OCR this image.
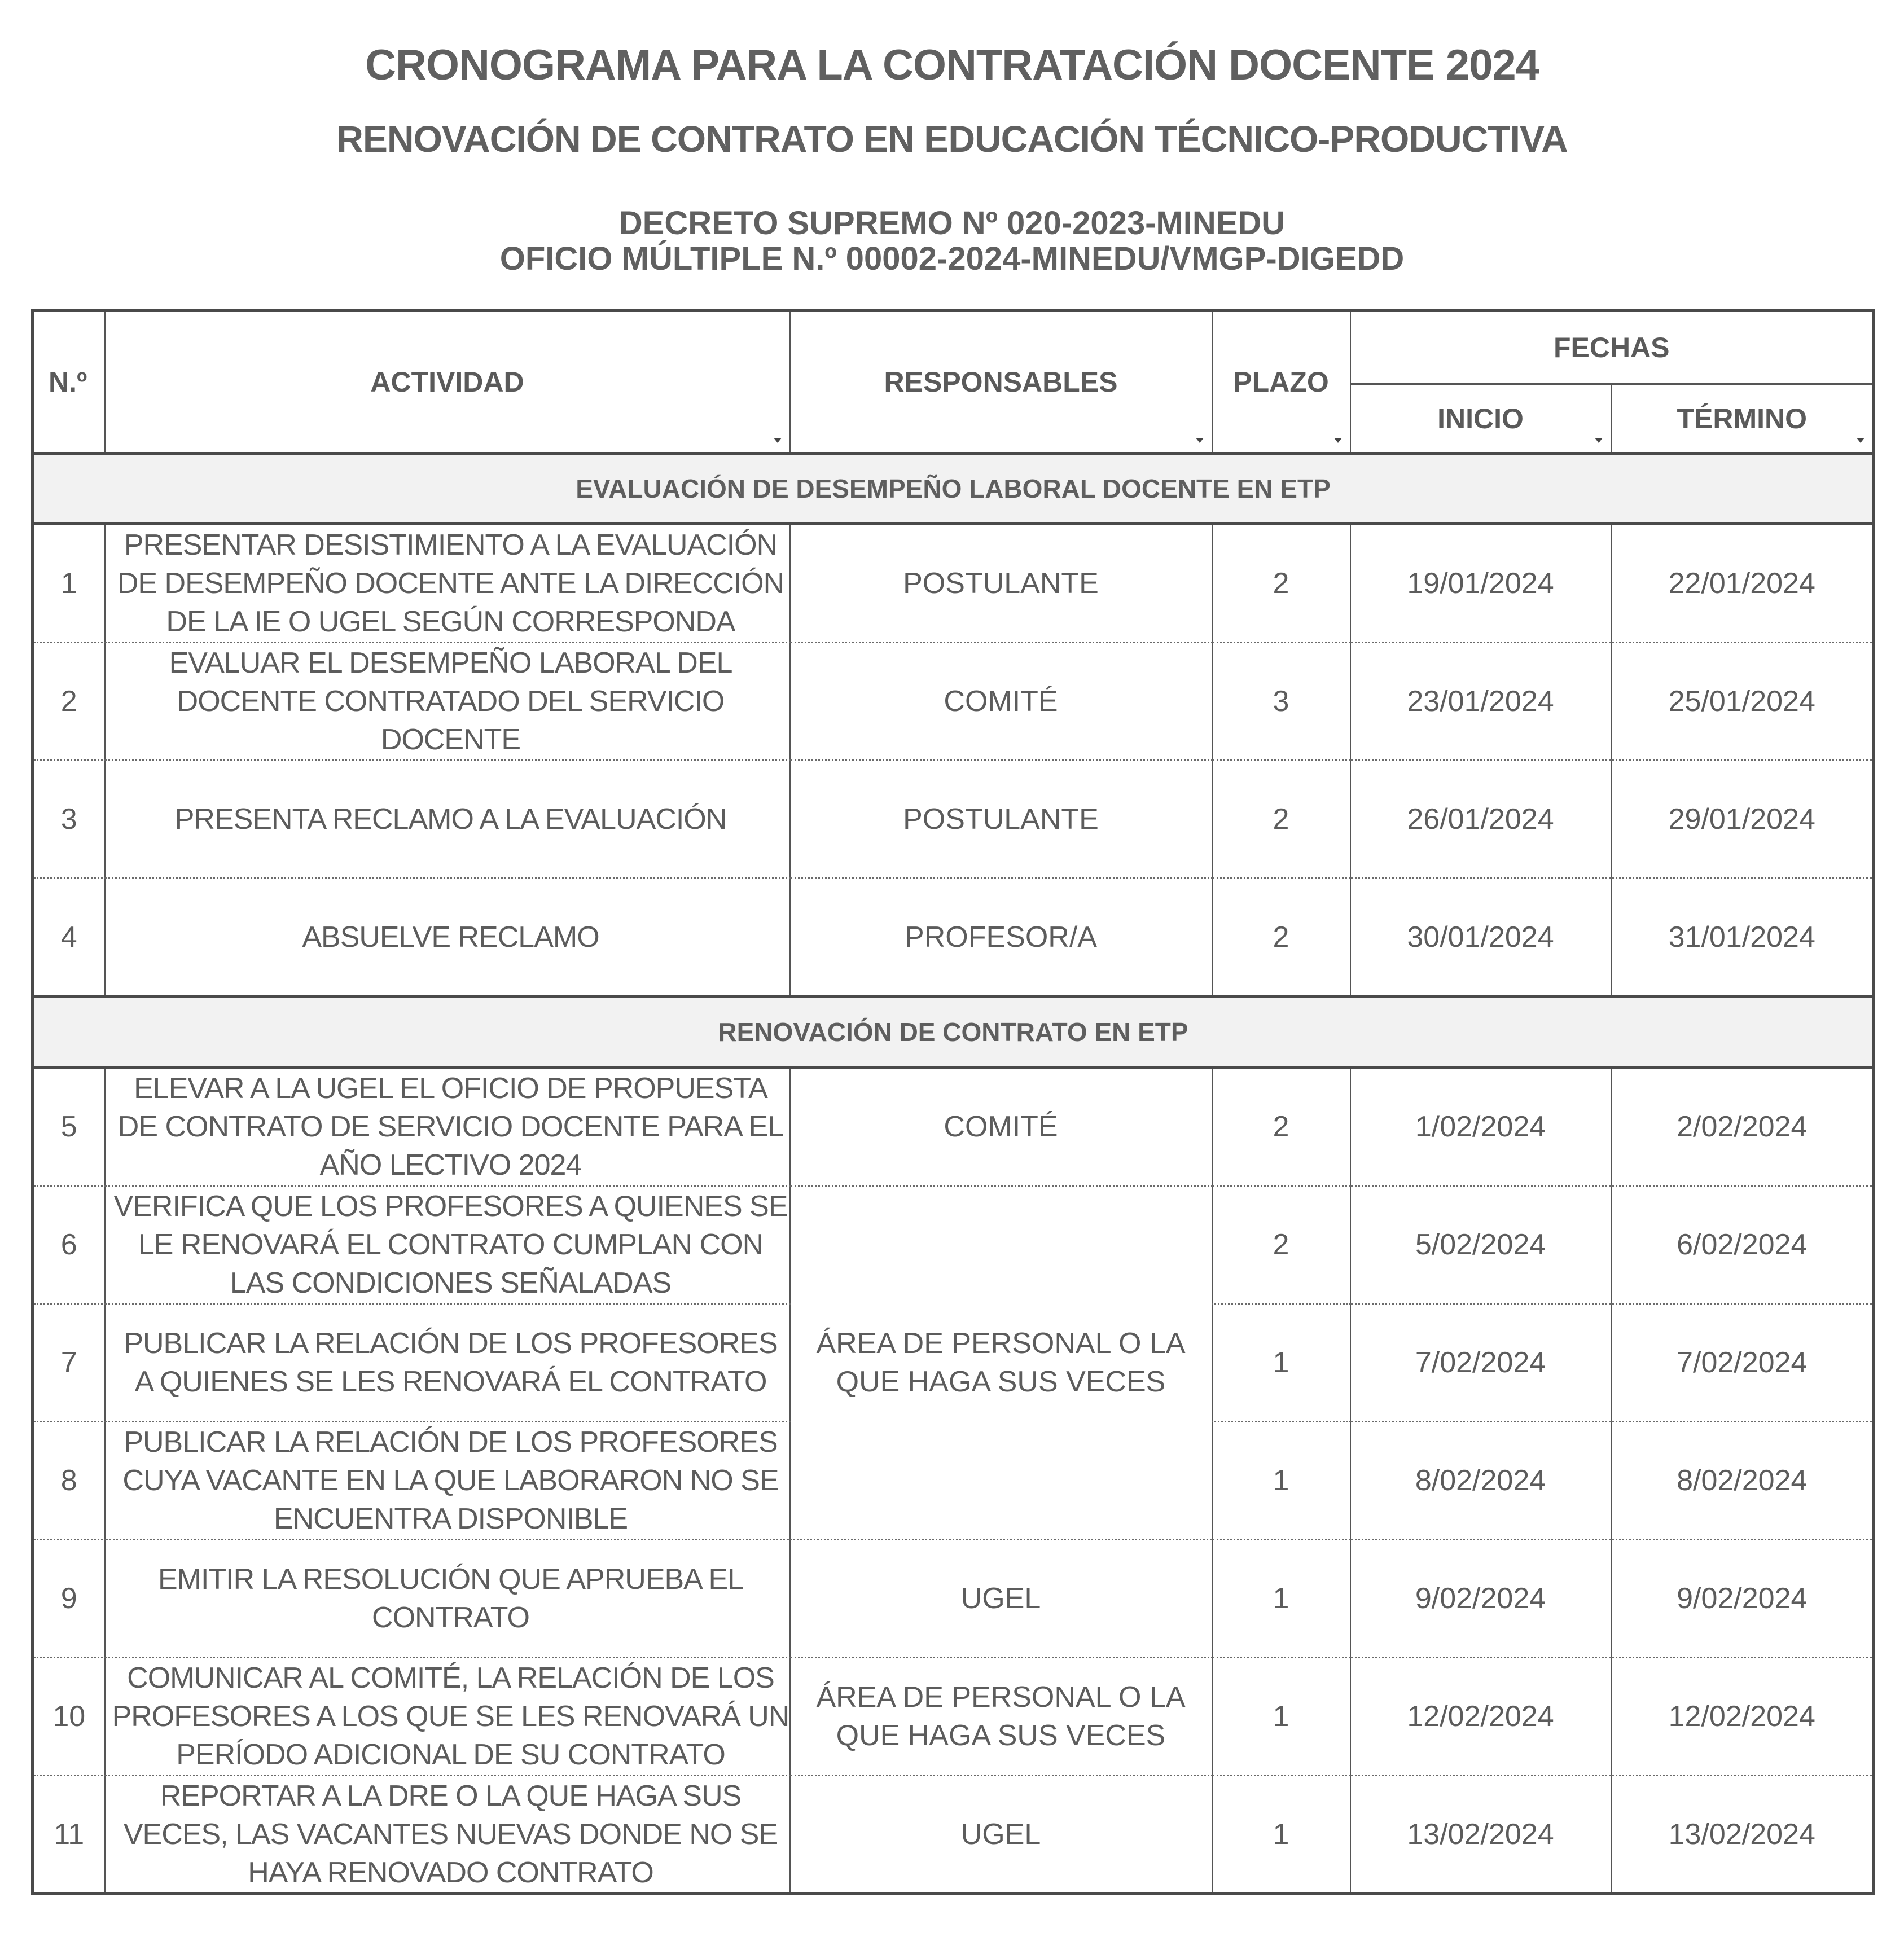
CRONOGRAMA PARA LA CONTRATACIÓN DOCENTE 2024
RENOVACIÓN DE CONTRATO EN EDUCACIÓN TÉCNICO-PRODUCTIVA
DECRETO SUPREMO Nº 020-2023-MINEDU
OFICIO MÚLTIPLE N.º 00002-2024-MINEDU/VMGP-DIGEDD
N.º	ACTIVIDAD	RESPONSABLES	PLAZO	FECHAS	
				INICIO	TÉRMINO

EVALUACIÓN DE DESEMPEÑO LABORAL DOCENTE EN ETP					
1	PRESENTAR DESISTIMIENTO A LA EVALUACIÓN DE DESEMPEÑO DOCENTE ANTE LA DIRECCIÓN DE LA IE O UGEL SEGÚN CORRESPONDA	POSTULANTE	2	19/01/2024	22/01/2024
2	EVALUAR EL DESEMPEÑO LABORAL DEL DOCENTE CONTRATADO DEL SERVICIO DOCENTE	COMITÉ	3	23/01/2024	25/01/2024
3	PRESENTA RECLAMO A LA EVALUACIÓN	POSTULANTE	2	26/01/2024	29/01/2024
4	ABSUELVE RECLAMO	PROFESOR/A	2	30/01/2024	31/01/2024
RENOVACIÓN DE CONTRATO EN ETP					
5	ELEVAR A LA UGEL EL OFICIO DE PROPUESTA DE CONTRATO DE SERVICIO DOCENTE PARA EL AÑO LECTIVO 2024	COMITÉ	2	1/02/2024	2/02/2024
6	VERIFICA QUE LOS PROFESORES A QUIENES SE LE RENOVARÁ EL CONTRATO CUMPLAN CON LAS CONDICIONES SEÑALADAS	ÁREA DE PERSONAL O LA QUE HAGA SUS VECES	2	5/02/2024	6/02/2024
7	PUBLICAR LA RELACIÓN DE LOS PROFESORES A QUIENES SE LES RENOVARÁ EL CONTRATO		1	7/02/2024	7/02/2024
8	PUBLICAR LA RELACIÓN DE LOS PROFESORES CUYA VACANTE EN LA QUE LABORARON NO SE ENCUENTRA DISPONIBLE		1	8/02/2024	8/02/2024
9	EMITIR LA RESOLUCIÓN QUE APRUEBA EL CONTRATO	UGEL	1	9/02/2024	9/02/2024
10	COMUNICAR AL COMITÉ, LA RELACIÓN DE LOS PROFESORES A LOS QUE SE LES RENOVARÁ UN PERÍODO ADICIONAL DE SU CONTRATO	ÁREA DE PERSONAL O LA QUE HAGA SUS VECES	1	12/02/2024	12/02/2024
11	REPORTAR A LA DRE O LA QUE HAGA SUS VECES, LAS VACANTES NUEVAS DONDE NO SE HAYA RENOVADO CONTRATO	UGEL	1	13/02/2024	13/02/2024
